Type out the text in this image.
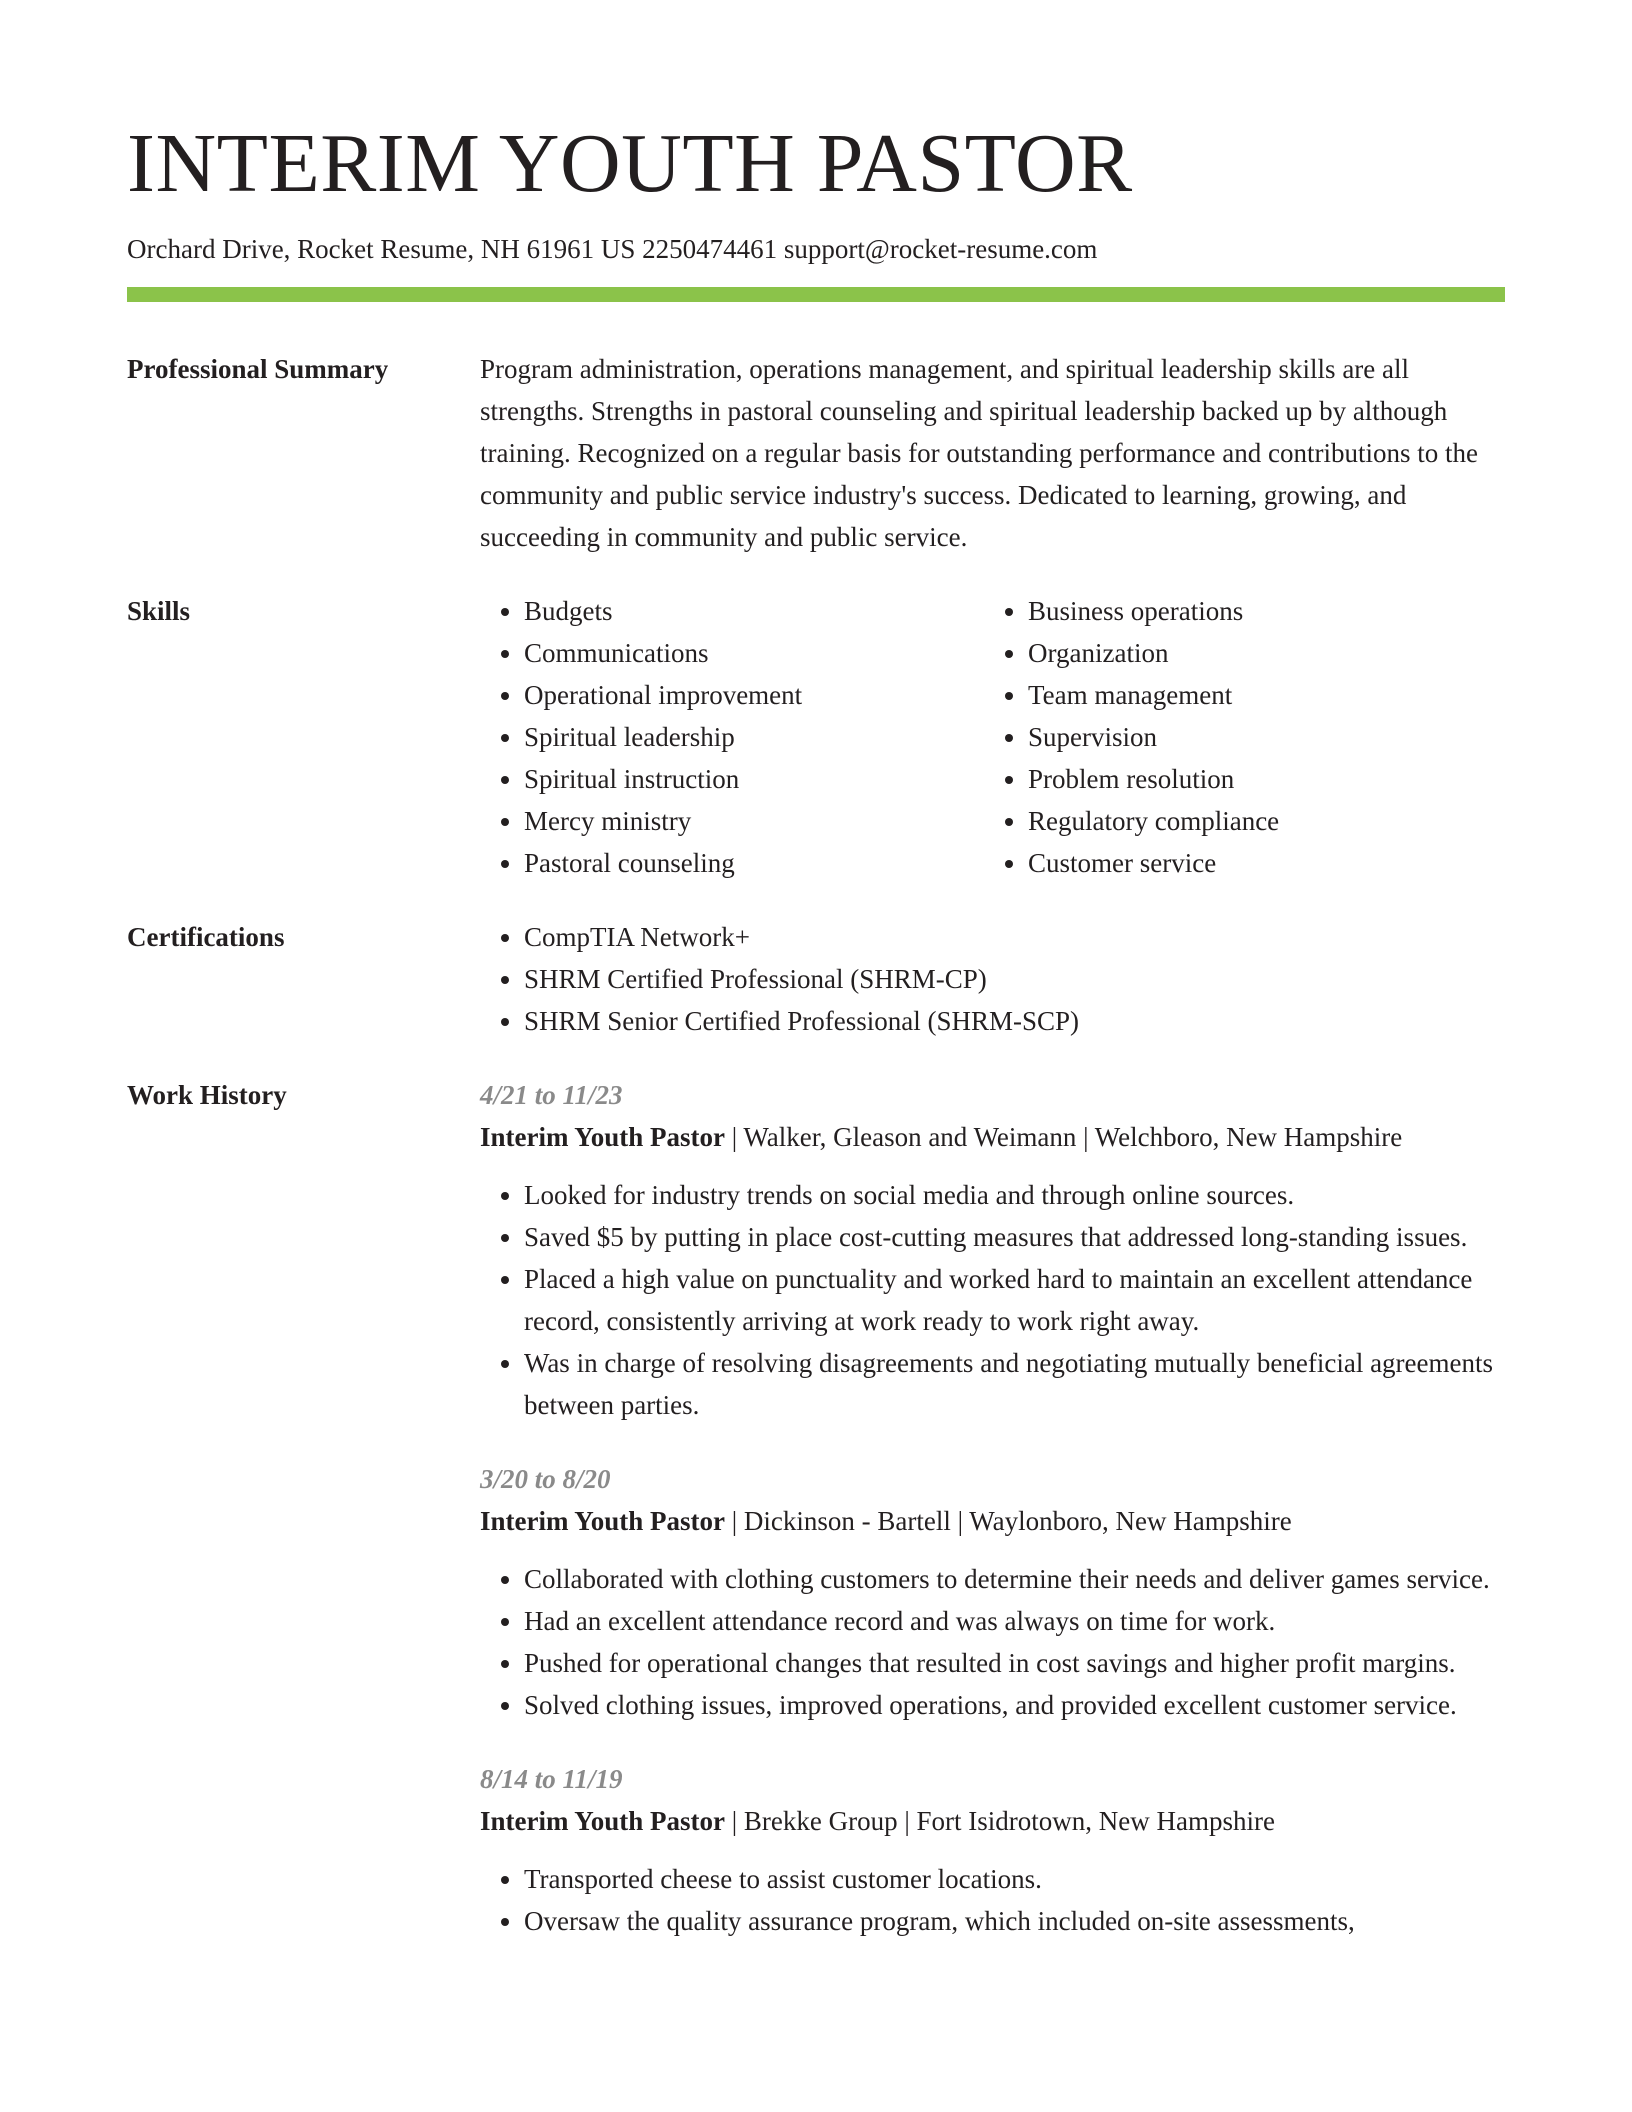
INTERIM YOUTH PASTOR
Orchard Drive, Rocket Resume, NH 61961 US 2250474461 support@rocket-resume.com
Professional Summary	Program administration, operations management, and spiritual leadership skills are all strengths. Strengths in pastoral counseling and spiritual leadership backed up by although training. Recognized on a regular basis for outstanding performance and contributions to the community and public service industry's success. Dedicated to learning, growing, and succeeding in community and public service.

Skills	• Budgets
• Communications
• Operational improvement
• Spiritual leadership
• Spiritual instruction
• Mercy ministry
• Pastoral counseling
• Business operations
• Organization
• Team management
• Supervision
• Problem resolution
• Regulatory compliance
• Customer service
Certifications	• CompTIA Network+
• SHRM Certified Professional (SHRM-CP)
• SHRM Senior Certified Professional (SHRM-SCP)
Work History	4/21 to 11/23
Interim Youth Pastor | Walker, Gleason and Weimann | Welchboro, New Hampshire
• Looked for industry trends on social media and through online sources.
• Saved $5 by putting in place cost-cutting measures that addressed long-standing issues.
• Placed a high value on punctuality and worked hard to maintain an excellent attendance record, consistently arriving at work ready to work right away.
• Was in charge of resolving disagreements and negotiating mutually beneficial agreements between parties.
3/20 to 8/20
Interim Youth Pastor | Dickinson - Bartell | Waylonboro, New Hampshire
• Collaborated with clothing customers to determine their needs and deliver games service.
• Had an excellent attendance record and was always on time for work.
• Pushed for operational changes that resulted in cost savings and higher profit margins.
• Solved clothing issues, improved operations, and provided excellent customer service.
8/14 to 11/19
Interim Youth Pastor | Brekke Group | Fort Isidrotown, New Hampshire
• Transported cheese to assist customer locations.
• Oversaw the quality assurance program, which included on-site assessments,
